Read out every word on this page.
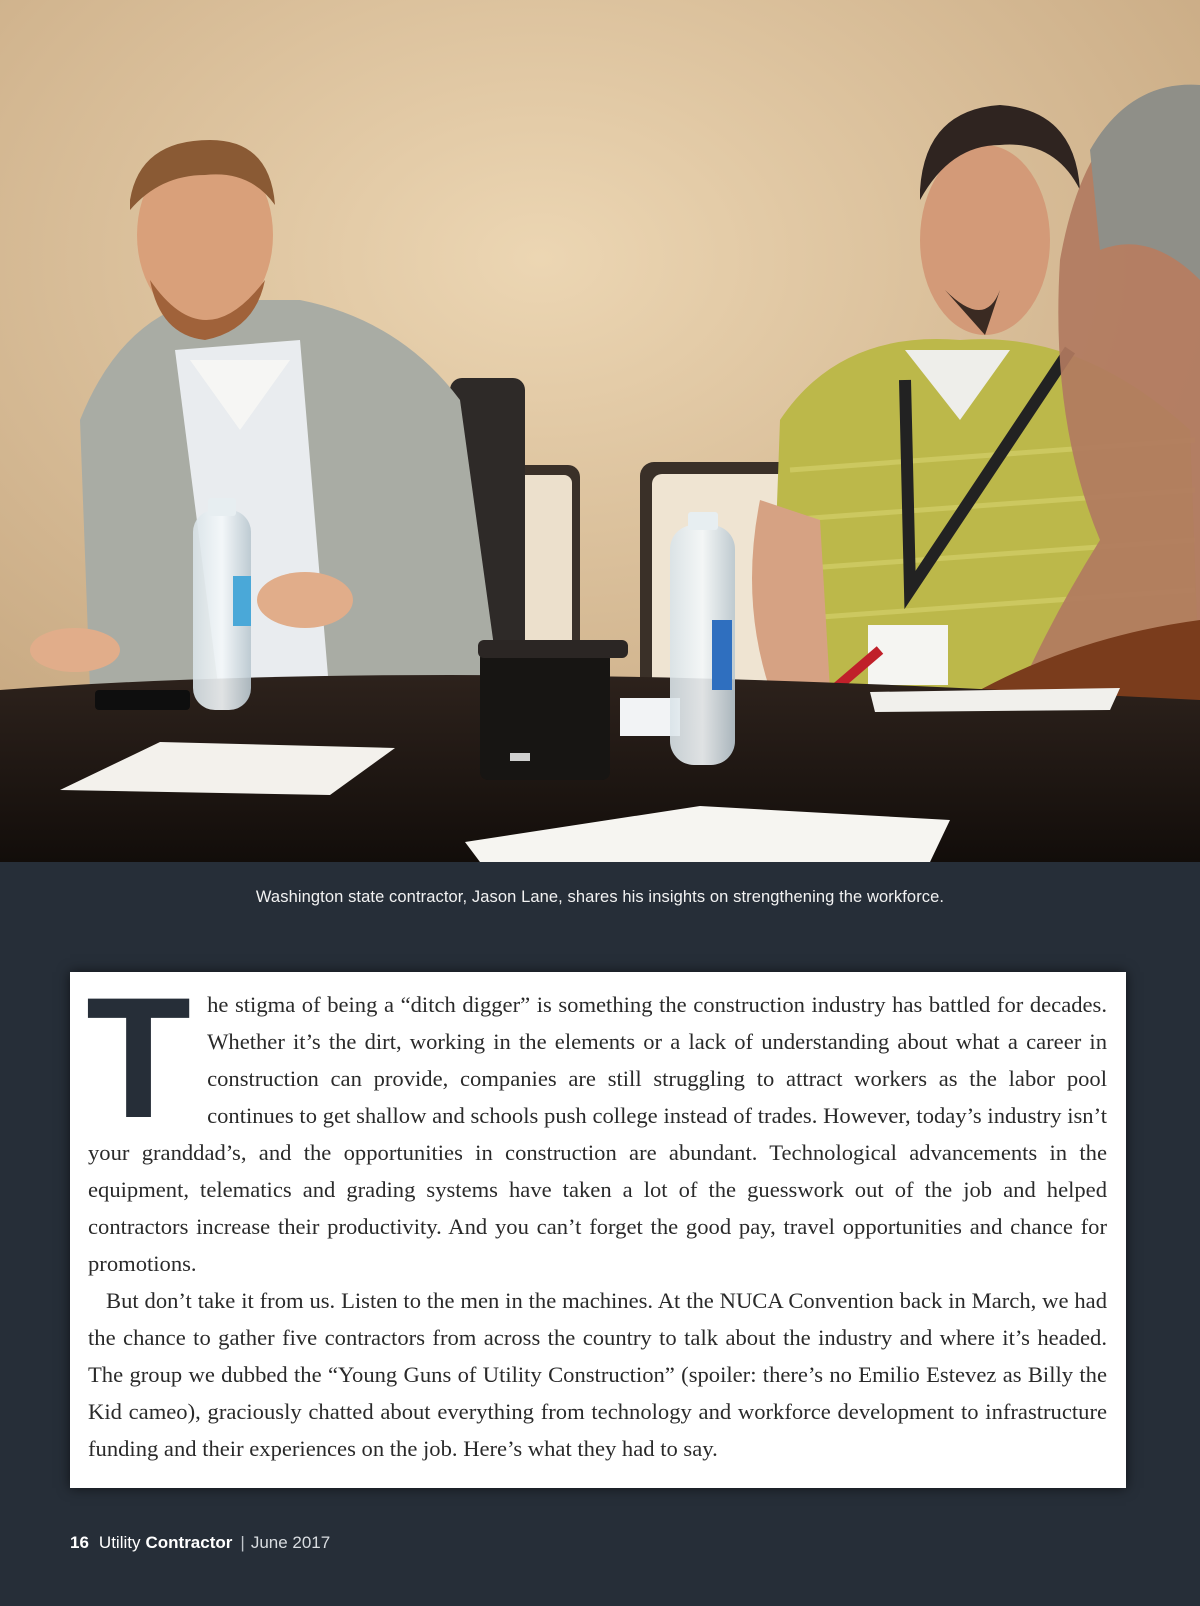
Washington state contractor, Jason Lane, shares his insights on strengthening the workforce.

The stigma of being a “ditch digger” is something the construction industry has battled for decades. Whether it’s the dirt, working in the elements or a lack of understanding about what a career in construction can provide, companies are still struggling to attract workers as the labor pool continues to get shallow and schools push college instead of trades. However, today’s industry isn’t your granddad’s, and the opportunities in construction are abundant. Technological advancements in the equipment, telematics and grading systems have taken a lot of the guesswork out of the job and helped contractors increase their productivity. And you can’t forget the good pay, travel opportunities and chance for promotions.

But don’t take it from us. Listen to the men in the machines. At the NUCA Convention back in March, we had the chance to gather five contractors from across the country to talk about the industry and where it’s headed. The group we dubbed the “Young Guns of Utility Construction” (spoiler: there’s no Emilio Estevez as Billy the Kid cameo), graciously chatted about everything from technology and workforce development to infrastructure funding and their experiences on the job. Here’s what they had to say.

16 Utility Contractor | June 2017
